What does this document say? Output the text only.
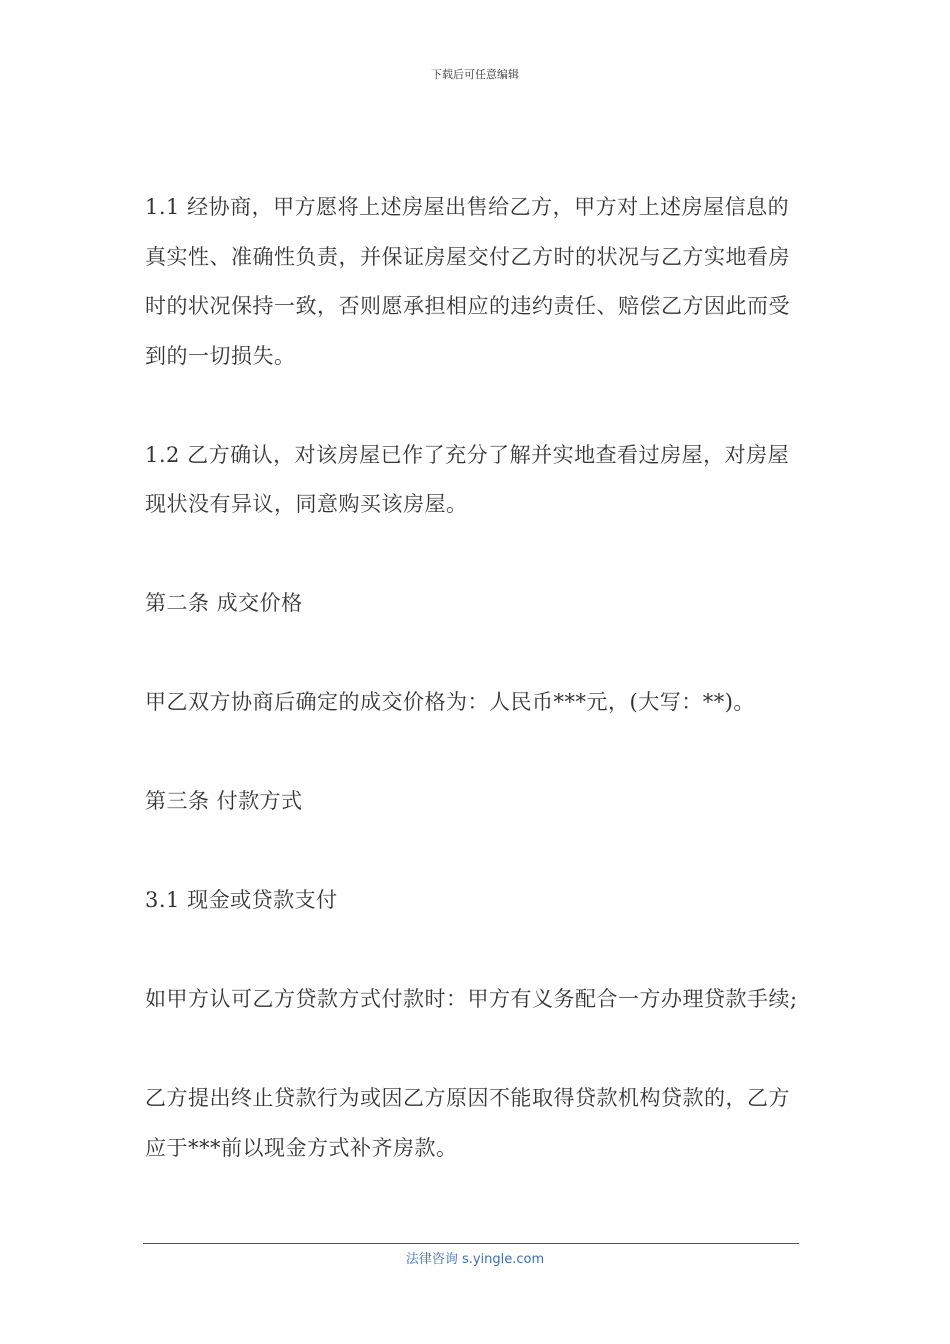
下载后可任意编辑

1.1 经协商，甲方愿将上述房屋出售给乙方，甲方对上述房屋信息的真实性、准确性负责，并保证房屋交付乙方时的状况与乙方实地看房时的状况保持一致，否则愿承担相应的违约责任、赔偿乙方因此而受到的一切损失。

1.2 乙方确认，对该房屋已作了充分了解并实地查看过房屋，对房屋现状没有异议，同意购买该房屋。

第二条 成交价格

甲乙双方协商后确定的成交价格为：人民币***元，(大写：**)。

第三条 付款方式

3.1 现金或贷款支付

如甲方认可乙方贷款方式付款时：甲方有义务配合一方办理贷款手续;

乙方提出终止贷款行为或因乙方原因不能取得贷款机构贷款的，乙方应于***前以现金方式补齐房款。

法律咨询 s.yingle.com
